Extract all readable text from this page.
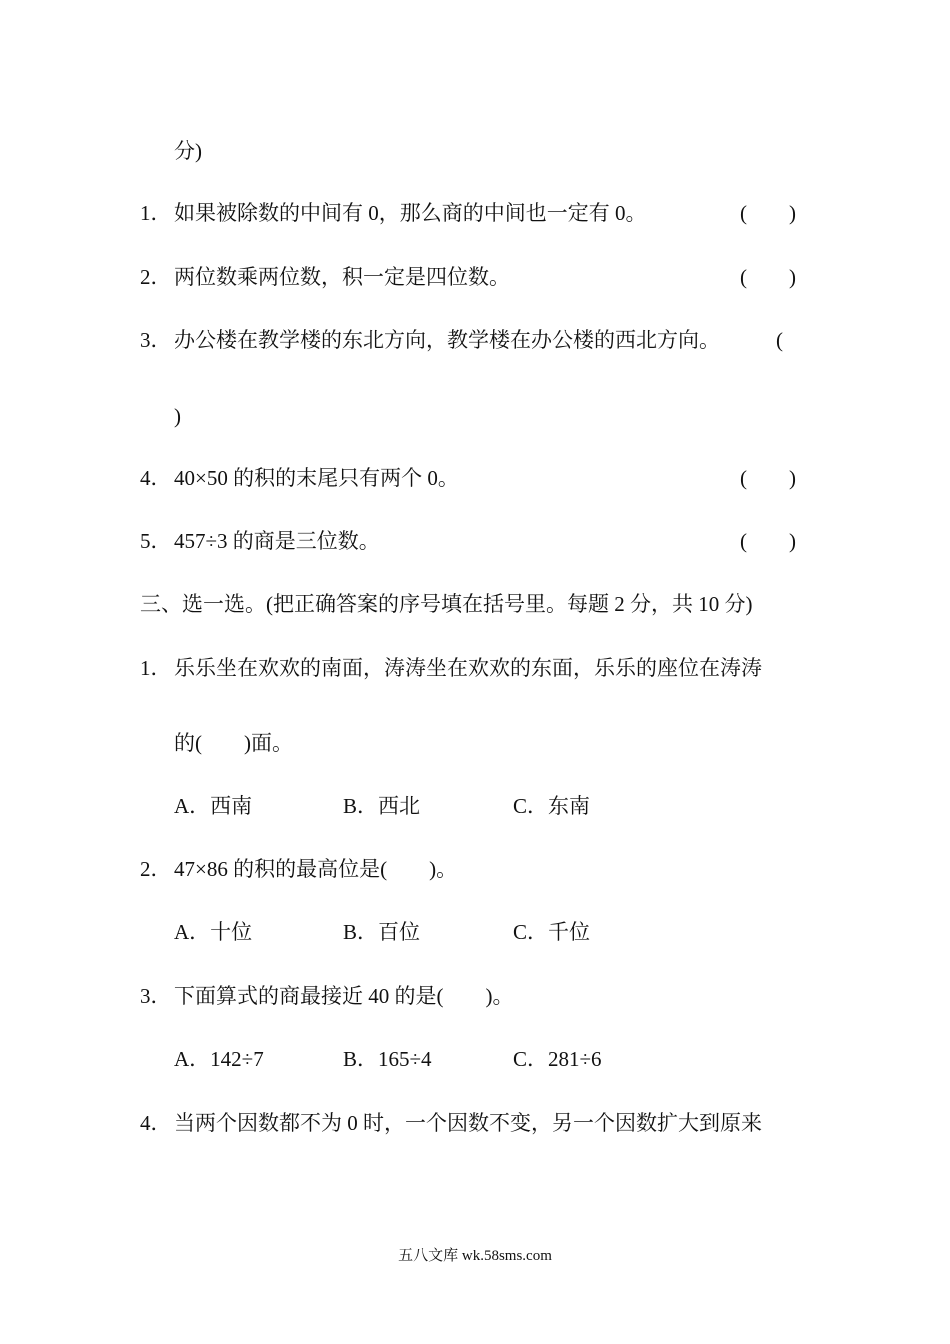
分)
1． 如果被除数的中间有 0，那么商的中间也一定有 0。	(　　)
2． 两位数乘两位数，积一定是四位数。	(　　)
3． 办公楼在教学楼的东北方向，教学楼在办公楼的西北方向。	(
)
4． 40×50 的积的末尾只有两个 0。	(　　)
5． 457÷3 的商是三位数。	(　　)
三、选一选。(把正确答案的序号填在括号里。每题 2 分，共 10 分)
1． 乐乐坐在欢欢的南面，涛涛坐在欢欢的东面，乐乐的座位在涛涛
的(　　)面。
A．西南	B．西北	C．东南
2． 47×86 的积的最高位是(　　)。
A．十位	B．百位	C．千位
3． 下面算式的商最接近 40 的是(　　)。
A．142÷7	B．165÷4	C．281÷6
4． 当两个因数都不为 0 时，一个因数不变，另一个因数扩大到原来
五八文库 wk.58sms.com
